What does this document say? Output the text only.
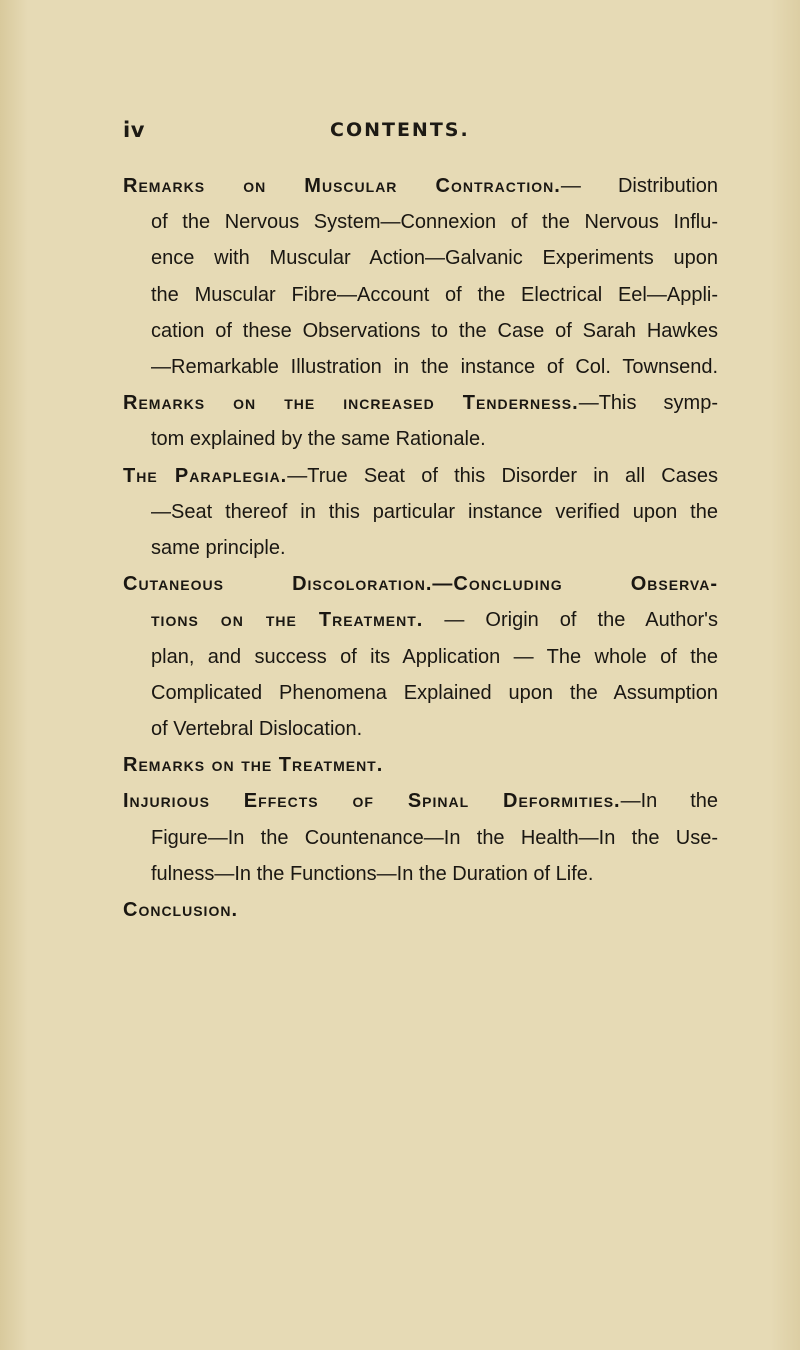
iv	CONTENTS.
Remarks on Muscular Contraction.— Distribution
of the Nervous System—Connexion of the Nervous Influ-
ence with Muscular Action—Galvanic Experiments upon
the Muscular Fibre—Account of the Electrical Eel—Appli-
cation of these Observations to the Case of Sarah Hawkes
—Remarkable Illustration in the instance of Col. Townsend.
Remarks on the increased Tenderness.—This symp-
tom explained by the same Rationale.
The Paraplegia.—True Seat of this Disorder in all Cases
—Seat thereof in this particular instance verified upon the
same principle.
Cutaneous Discoloration.—Concluding Observa-
tions on the Treatment. — Origin of the Author's
plan, and success of its Application — The whole of the
Complicated Phenomena Explained upon the Assumption
of Vertebral Dislocation.
Remarks on the Treatment.
Injurious Effects of Spinal Deformities.—In the
Figure—In the Countenance—In the Health—In the Use-
fulness—In the Functions—In the Duration of Life.
Conclusion.
